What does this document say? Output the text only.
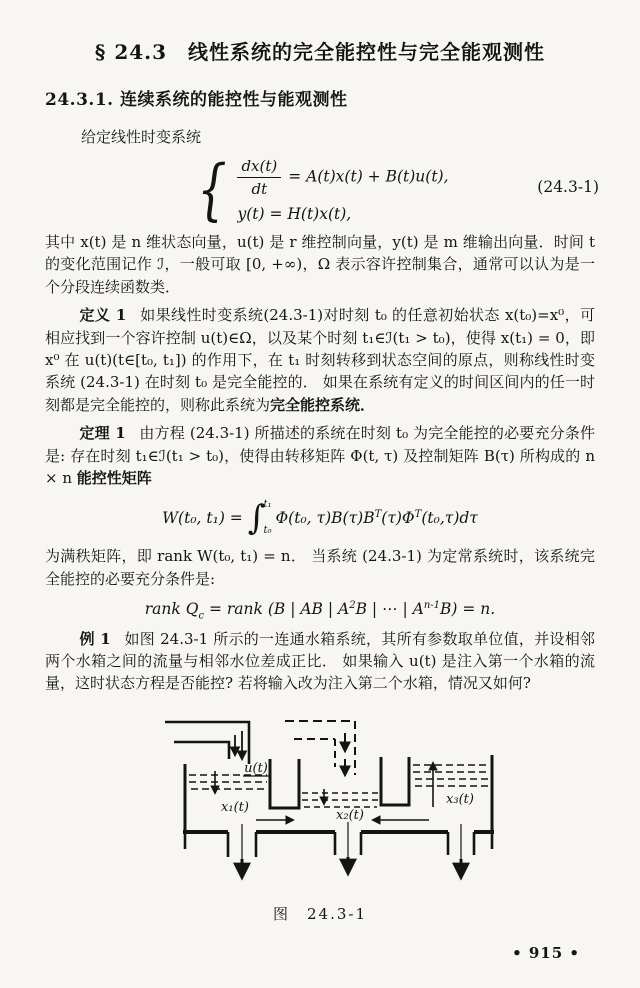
§ 24.3　线性系统的完全能控性与完全能观测性
24.3.1. 连续系统的能控性与能观测性

给定线性时变系统

{ $\frac{dx(t)}{dt} = A(t)x(t) + B(t)u(t)$,
y(t) = H(t)x(t),
(24.3-1)

其中 x(t) 是 n 维状态向量，u(t) 是 r 维控制向量，y(t) 是 m 维输出向量．时间 t 的变化范围记作 ℐ，一般可取 [0, +∞)，Ω 表示容许控制集合，通常可以认为是一个分段连续函数类．

定义 1 如果线性时变系统(24.3-1)对时刻 t₀ 的任意初始状态 x(t₀)=x⁰，可相应找到一个容许控制 u(t)∈Ω，以及某个时刻 t₁∈ℐ(t₁ > t₀)，使得 x(t₁) = 0，即 x⁰ 在 u(t)(t∈[t₀, t₁]) 的作用下，在 t₁ 时刻转移到状态空间的原点，则称线性时变系统 (24.3-1) 在时刻 t₀ 是完全能控的． 如果在系统有定义的时间区间内的任一时刻都是完全能控的，则称此系统为完全能控系统．

定理 1 由方程 (24.3-1) 所描述的系统在时刻 t₀ 为完全能控的必要充分条件是: 存在时刻 t₁∈ℐ(t₁ > t₀)，使得由转移矩阵 Φ(t, τ) 及控制矩阵 B(τ) 所构成的 n × n 能控性矩阵

W(t₀, t₁) = ∫
t₁
t₀
Φ(t₀, $\tau)B(\tau)B^T(\tau)\Phi^T(t_0,\tau)d\tau$

为满秩矩阵，即 rank W(t₀, t₁) = n． 当系统 (24.3-1) 为定常系统时，该系统完全能控的必要充分条件是:

rank $Q_c$ = rank (B | AB | $A^2B$ | ⋯ | $A^{n-1}B) = n$.

例 1 如图 24.3-1 所示的一连通水箱系统，其所有参数取单位值，并设相邻两个水箱之间的流量与相邻水位差成正比． 如果输入 u(t) 是注入第一个水箱的流量，这时状态方程是否能控? 若将输入改为注入第二个水箱，情况又如何?

u(t)
x₁(t)
x₂(t)
x₃(t)
图　24.3-1
• 915 •
